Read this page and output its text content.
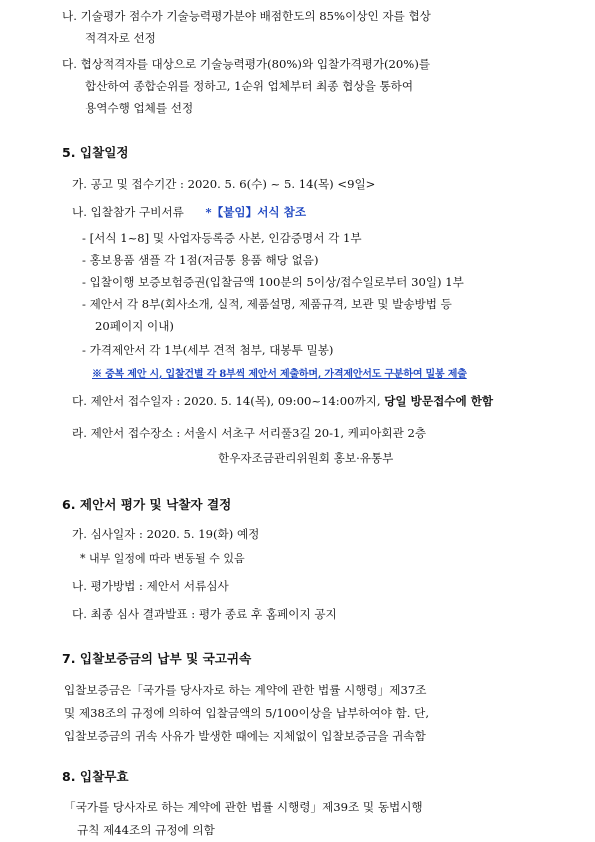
나. 기술평가 점수가 기술능력평가분야 배점한도의 85%이상인 자를 협상
적격자로 선정
다. 협상적격자를 대상으로 기술능력평가(80%)와 입찰가격평가(20%)를
합산하여 종합순위를 정하고, 1순위 업체부터 최종 협상을 통하여
용역수행 업체를 선정
5. 입찰일정
가. 공고 및 접수기간 : 2020. 5. 6(수) ~ 5. 14(목) <9일>
나. 입찰참가 구비서류 *【붙임】서식 참조
- [서식 1~8] 및 사업자등록증 사본, 인감증명서 각 1부
- 홍보용품 샘플 각 1점(저금통 용품 해당 없음)
- 입찰이행 보증보험증권(입찰금액 100분의 5이상/접수일로부터 30일) 1부
- 제안서 각 8부(회사소개, 실적, 제품설명, 제품규격, 보관 및 발송방법 등
20페이지 이내)
- 가격제안서 각 1부(세부 견적 첨부, 대봉투 밀봉)
※ 중복 제안 시, 입찰건별 각 8부씩 제안서 제출하며, 가격제안서도 구분하여 밀봉 제출
다. 제안서 접수일자 : 2020. 5. 14(목), 09:00~14:00까지, 당일 방문접수에 한함
라. 제안서 접수장소 : 서울시 서초구 서리풀3길 20-1, 케피아회관 2층
한우자조금관리위원회 홍보·유통부
6. 제안서 평가 및 낙찰자 결정
가. 심사일자 : 2020. 5. 19(화) 예정
* 내부 일정에 따라 변동될 수 있음
나. 평가방법 : 제안서 서류심사
다. 최종 심사 결과발표 : 평가 종료 후 홈페이지 공지
7. 입찰보증금의 납부 및 국고귀속
입찰보증금은「국가를 당사자로 하는 계약에 관한 법률 시행령」제37조
및 제38조의 규정에 의하여 입찰금액의 5/100이상을 납부하여야 함. 단,
입찰보증금의 귀속 사유가 발생한 때에는 지체없이 입찰보증금을 귀속함
8. 입찰무효
「국가를 당사자로 하는 계약에 관한 법률 시행령」제39조 및 동법시행
규칙 제44조의 규정에 의함
